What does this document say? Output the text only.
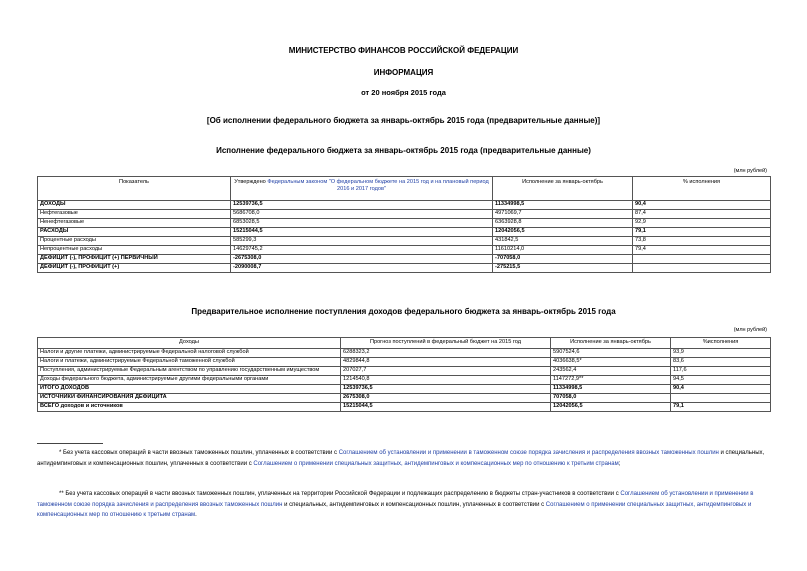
МИНИСТЕРСТВО ФИНАНСОВ РОССИЙСКОЙ ФЕДЕРАЦИИ
ИНФОРМАЦИЯ
от 20 ноября 2015 года
[Об исполнении федерального бюджета за январь-октябрь 2015 года (предварительные данные)]
Исполнение федерального бюджета за январь-октябрь 2015 года (предварительные данные)
(млн рублей)
Показатель	Утверждено Федеральным законом "О федеральном бюджете на 2015 год и на плановый период 2016 и 2017 годов"	Исполнение за январь-октябрь	% исполнения
ДОХОДЫ	12539736,5	11334998,5	90,4
Нефтегазовые	5686708,0	4971069,7	87,4
Ненефтегазовые	6853028,5	6363928,8	92,9
РАСХОДЫ	15215044,5	12042056,5	79,1
Процентные расходы	585299,3	431842,5	73,8
Непроцентные расходы	14629745,2	11610214,0	79,4
ДЕФИЦИТ (-), ПРОФИЦИТ (+) ПЕРВИЧНЫЙ	-2675308,0	-707058,0	
ДЕФИЦИТ (-), ПРОФИЦИТ (+)	-2090008,7	-275215,5	
Предварительное исполнение поступления доходов федерального бюджета за январь-октябрь 2015 года
(млн рублей)
Доходы	Прогноз поступлений в федеральный бюджет на 2015 год	Исполнение за январь-октябрь	%исполнения
Налоги и другие платежи, администрируемые Федеральной налоговой службой	6288323,2	5907524,6	93,9
Налоги и платежи, администрируемые Федеральной таможенной службой	4829844,8	4036638,5*	83,6
Поступления, администрируемые Федеральным агентством по управлению государственным имуществом	207027,7	243562,4	117,6
Доходы федерального бюджета, администрируемые другими федеральными органами	1214540,8	1147272,9**	94,5
ИТОГО ДОХОДОВ	12539736,5	11334998,5	90,4
ИСТОЧНИКИ ФИНАНСИРОВАНИЯ ДЕФИЦИТА	2675308,0	707058,0	
ВСЕГО доходов и источников	15215044,5	12042056,5	79,1
* Без учета кассовых операций в части ввозных таможенных пошлин, уплаченных в соответствии с Соглашением об установлении и применении в таможенном союзе порядка зачисления и распределения ввозных таможенных пошлин и специальных, антидемпинговых и компенсационных пошлин, уплаченных в соответствии с Соглашением о применении специальных защитных, антидемпинговых и компенсационных мер по отношению к третьим странам;
** Без учета кассовых операций в части ввозных таможенных пошлин, уплаченных на территории Российской Федерации и подлежащих распределению в бюджеты стран-участников в соответствии с Соглашением об установлении и применении в таможенном союзе порядка зачисления и распределения ввозных таможенных пошлин и специальных, антидемпинговых и компенсационных пошлин, уплаченных в соответствии с Соглашением о применении специальных защитных, антидемпинговых и компенсационных мер по отношению к третьим странам.
